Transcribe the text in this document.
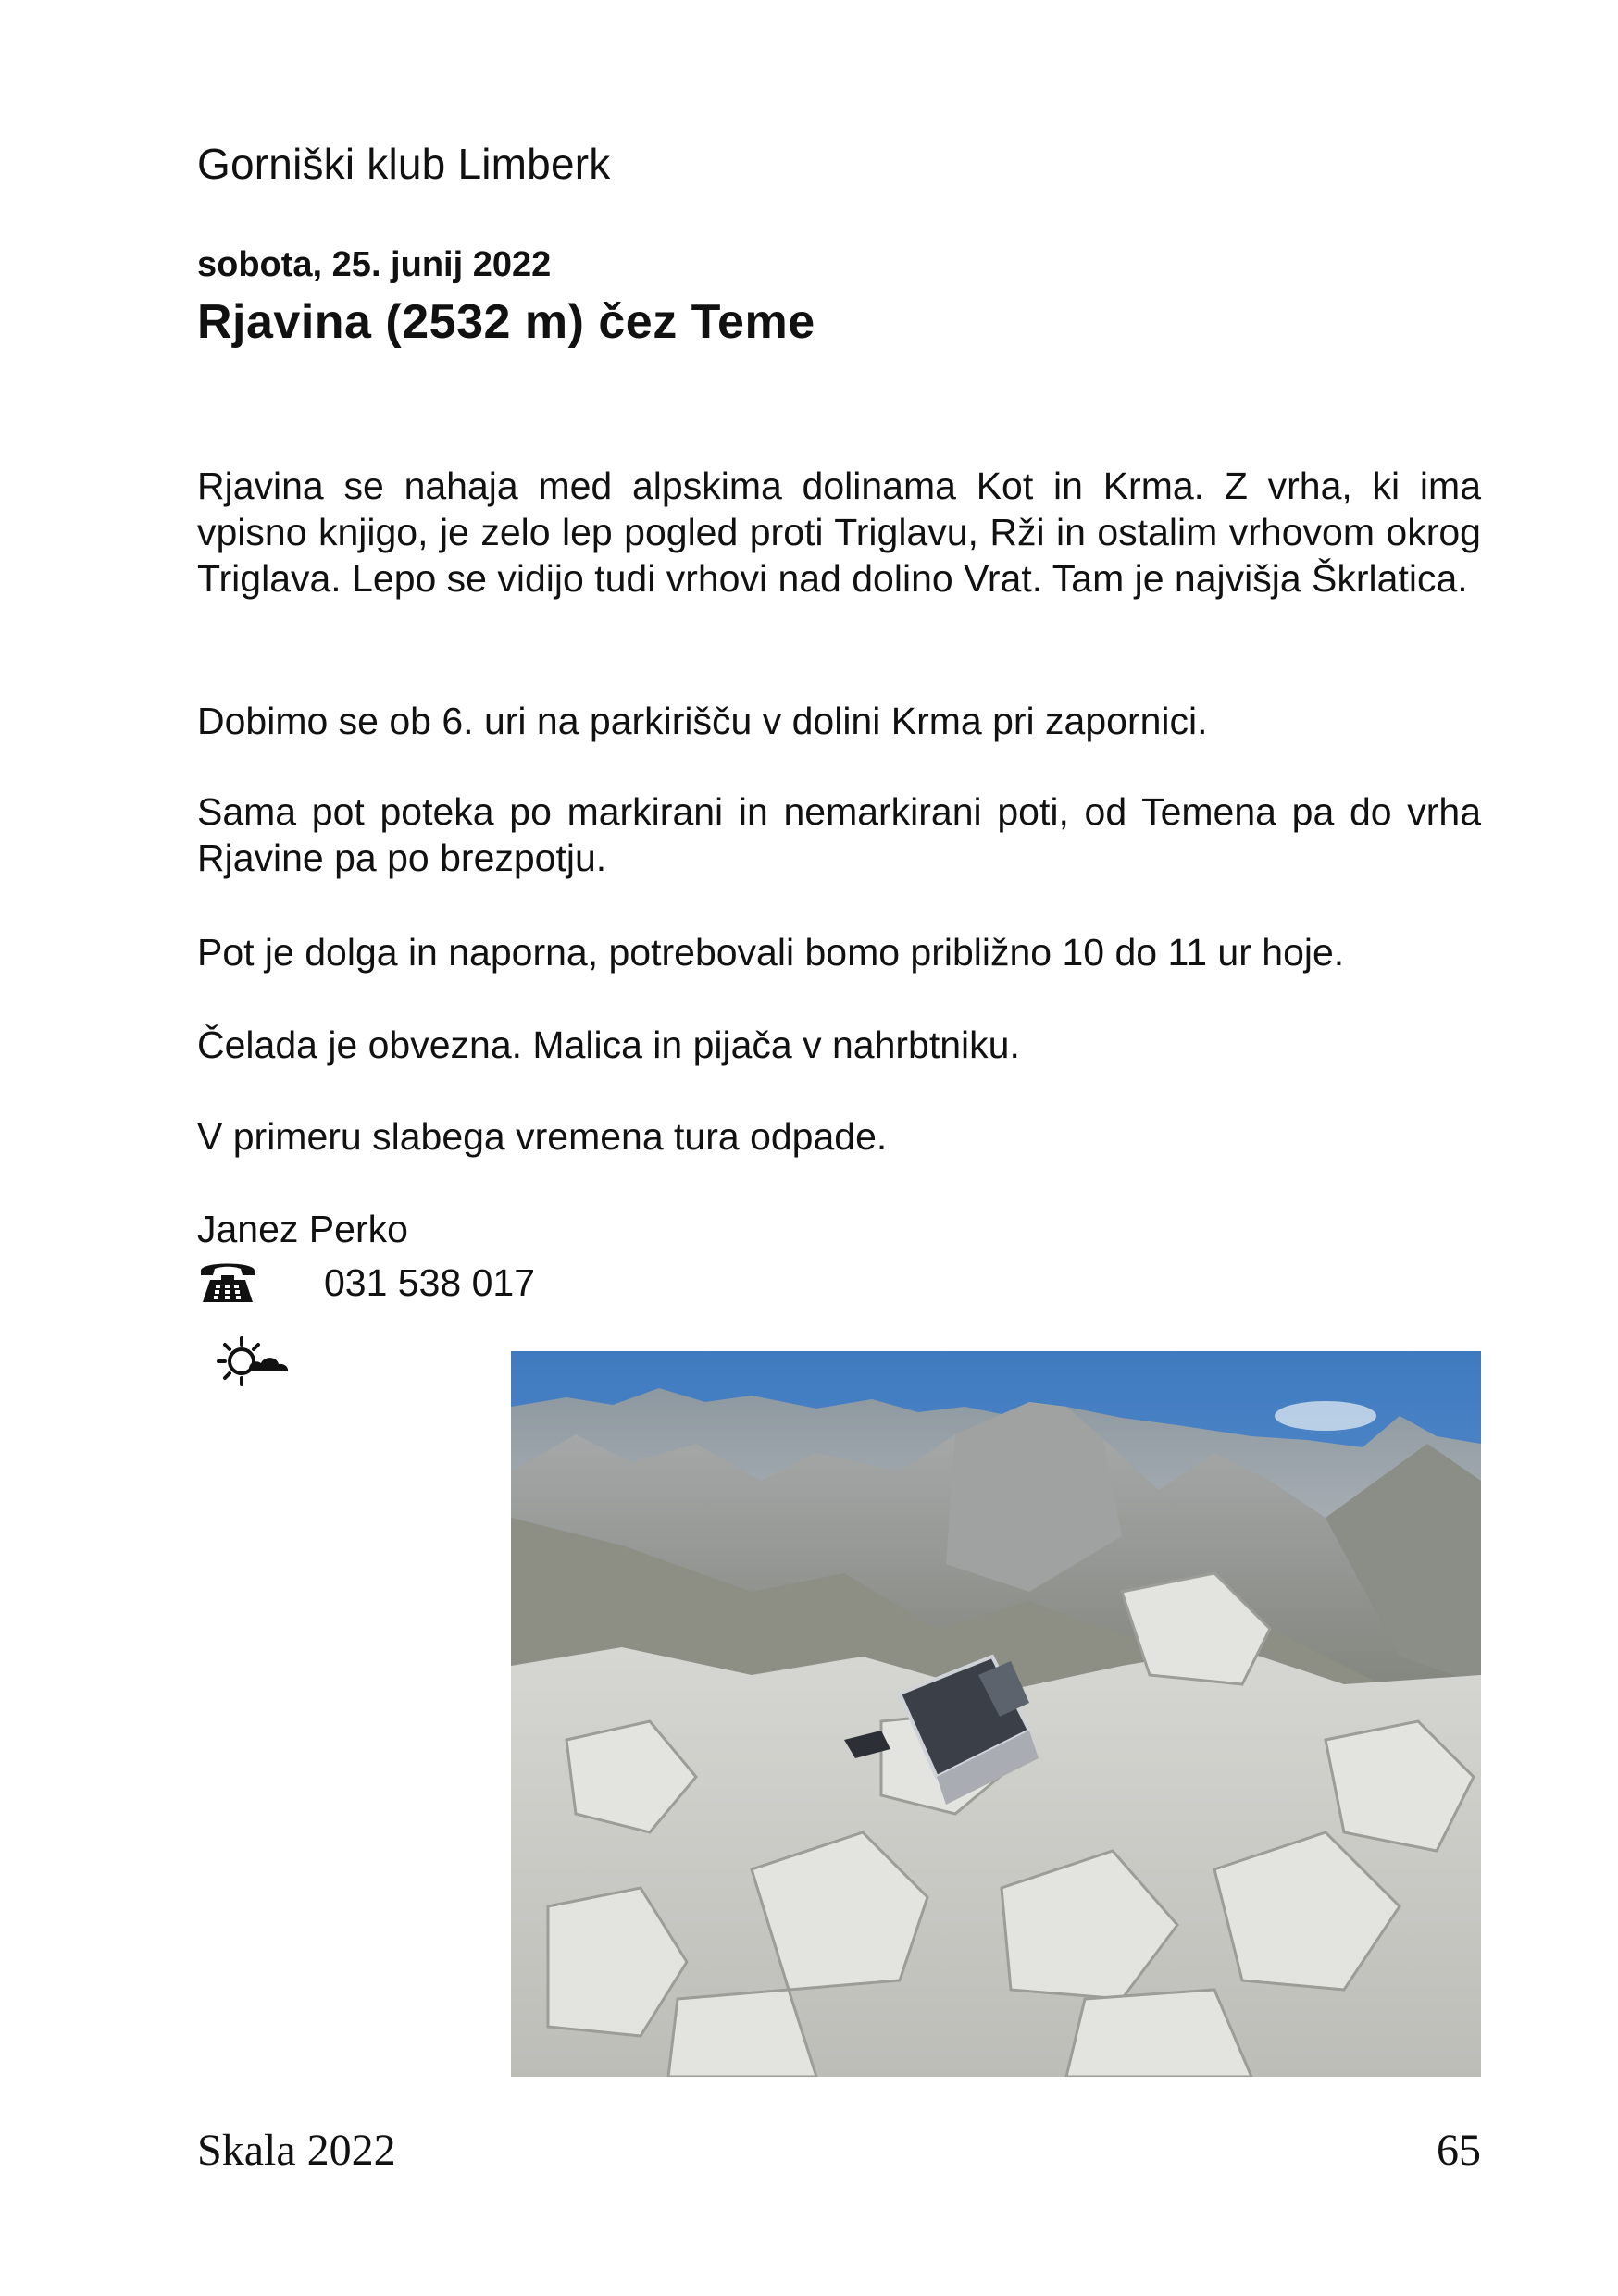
Gorniški klub Limberk
sobota, 25. junij 2022
Rjavina (2532 m) čez Teme

Rjavina se nahaja med alpskima dolinama Kot in Krma. Z vrha, ki ima vpisno knjigo, je zelo lep pogled proti Triglavu, Rži in ostalim vrhovom okrog Triglava. Lepo se vidijo tudi vrhovi nad dolino Vrat. Tam je najvišja Škrlatica.

Dobimo se ob 6. uri na parkirišču v dolini Krma pri zapornici.

Sama pot poteka po markirani in nemarkirani poti, od Temena pa do vrha Rjavine pa po brezpotju.

Pot je dolga in naporna, potrebovali bomo približno 10 do 11 ur hoje.

Čelada je obvezna. Malica in pijača v nahrbtniku.

V primeru slabega vremena tura odpade.

Janez Perko

031 538 017
Skala 2022	65
